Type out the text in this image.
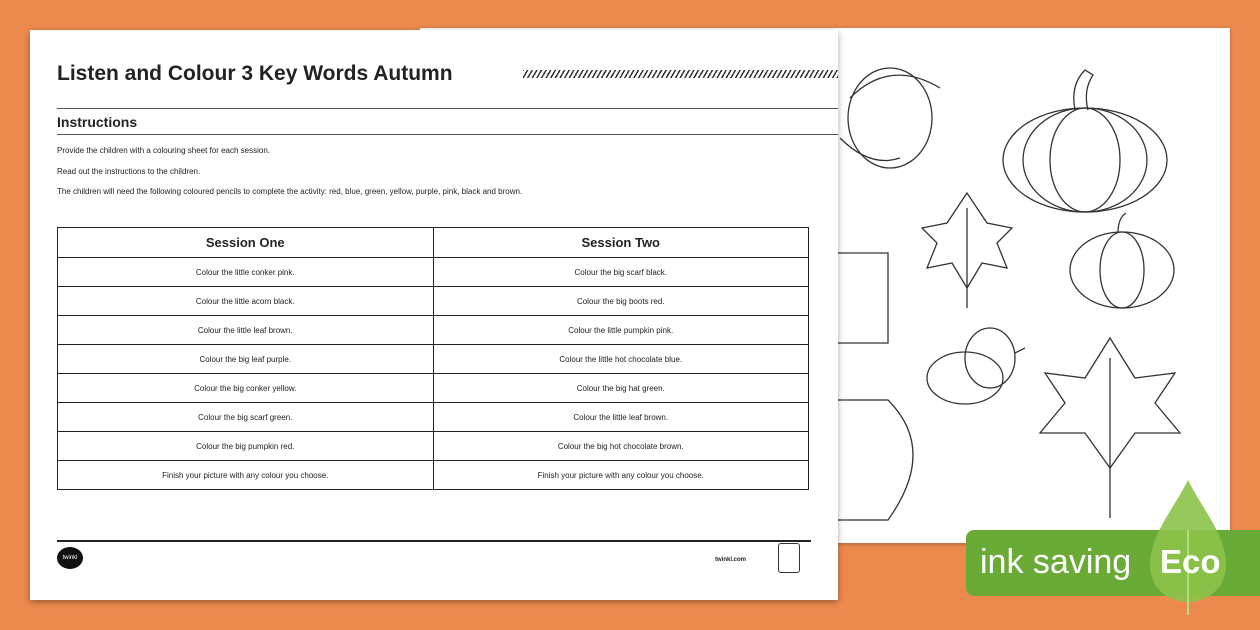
Listen and Colour 3 Key Words Autumn
Instructions
Provide the children with a colouring sheet for each session.
Read out the instructions to the children.
The children will need the following coloured pencils to complete the activity: red, blue, green, yellow, purple, pink, black and brown.
Session One	Session Two
Colour the little conker pink.	Colour the big scarf black.
Colour the little acorn black.	Colour the big boots red.
Colour the little leaf brown.	Colour the little pumpkin pink.
Colour the big leaf purple.	Colour the little hot chocolate blue.
Colour the big conker yellow.	Colour the big hat green.
Colour the big scarf green.	Colour the little leaf brown.
Colour the big pumpkin red.	Colour the big hot chocolate brown.
Finish your picture with any colour you choose.	Finish your picture with any colour you choose.
twinkl	twinkl.com	ink saving Eco
